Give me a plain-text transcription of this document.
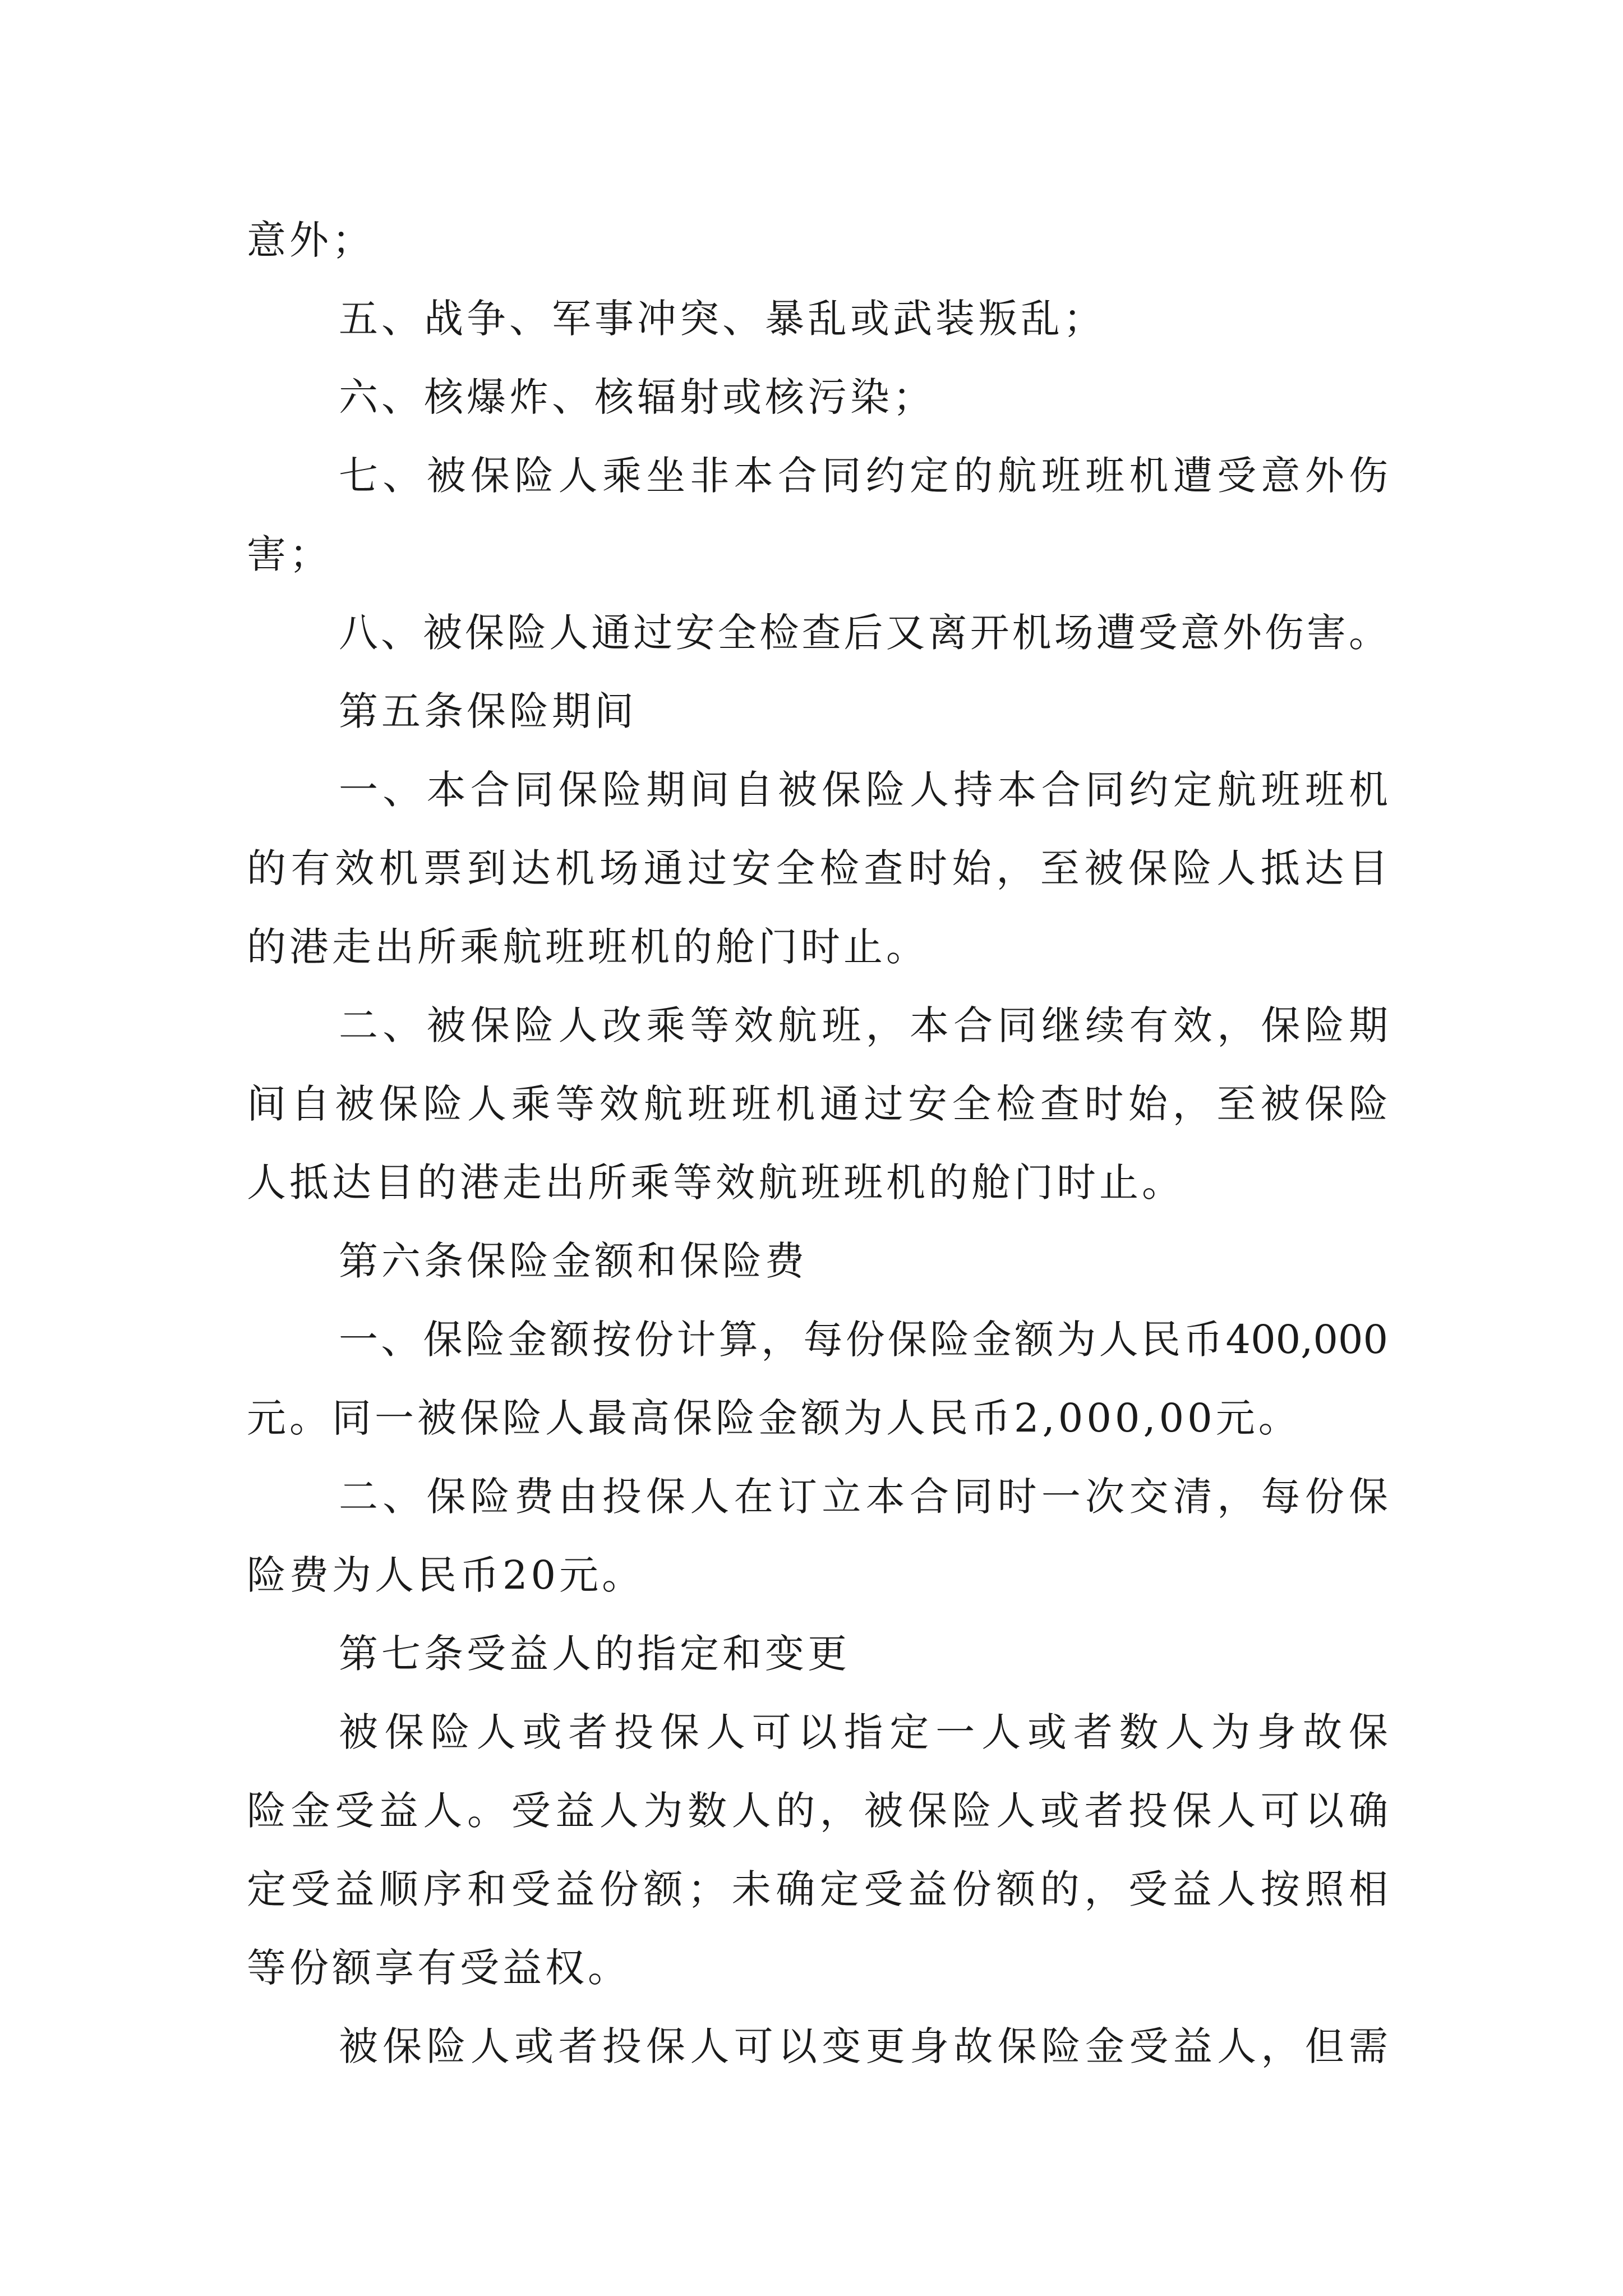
意外；

五、战争、军事冲突、暴乱或武装叛乱；

六、核爆炸、核辐射或核污染；

七、被保险人乘坐非本合同约定的航班班机遭受意外伤

害；

八、被保险人通过安全检查后又离开机场遭受意外伤害。

第五条保险期间

一、本合同保险期间自被保险人持本合同约定航班班机

的有效机票到达机场通过安全检查时始，至被保险人抵达目

的港走出所乘航班班机的舱门时止。

二、被保险人改乘等效航班，本合同继续有效，保险期

间自被保险人乘等效航班班机通过安全检查时始，至被保险

人抵达目的港走出所乘等效航班班机的舱门时止。

第六条保险金额和保险费

一、保险金额按份计算，每份保险金额为人民币400,000

元。同一被保险人最高保险金额为人民币2,000,00元。

二、保险费由投保人在订立本合同时一次交清，每份保

险费为人民币20元。

第七条受益人的指定和变更

被保险人或者投保人可以指定一人或者数人为身故保

险金受益人。受益人为数人的，被保险人或者投保人可以确

定受益顺序和受益份额；未确定受益份额的，受益人按照相

等份额享有受益权。

被保险人或者投保人可以变更身故保险金受益人，但需
